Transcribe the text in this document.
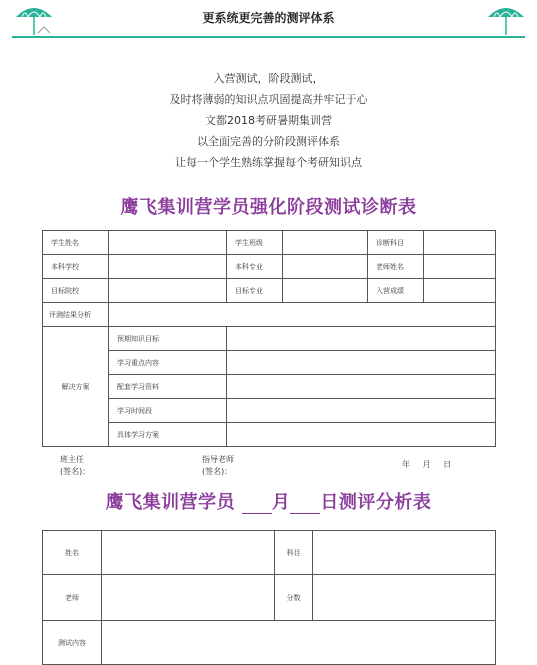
更系统更完善的测评体系
入营测试，阶段测试，
及时将薄弱的知识点巩固提高并牢记于心
文都2018考研暑期集训营
以全面完善的分阶段测评体系
让每一个学生熟练掌握每个考研知识点
鹰飞集训营学员强化阶段测试诊断表
学生姓名		学生班级		诊断科目	
本科学校		本科专业		老师姓名	
目标院校		目标专业		入营成绩	
评测结果分析					
解决方案	预期知识目标				
	学习重点内容				
	配套学习资料				
	学习时间段				
	具体学习方案				
班主任
(签名)：
指导老师
(签名)：
年 月 日
鹰飞集训营学员 月 日测评分析表
姓名		科目	
老师		分数	
测试内容			
